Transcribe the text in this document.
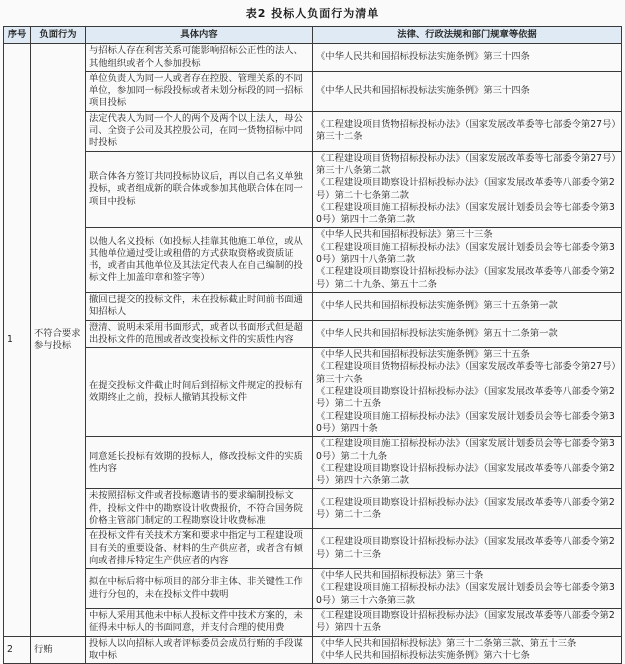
表2 投标人负面行为清单
序号	负面行为	具体内容	法律、行政法规和部门规章等依据
1	不符合要求参与投标	与招标人存在利害关系可能影响招标公正性的法人、其他组织或者个人参加投标	《中华人民共和国招标投标法实施条例》第三十四条

		单位负责人为同一人或者存在控股、管理关系的不同单位，参加同一标段投标或者未划分标段的同一招标项目投标	《中华人民共和国招标投标法实施条例》第三十四条

		法定代表人为同一个人的两个及两个以上法人，母公司、全资子公司及其控股公司，在同一货物招标中同时投标	《工程建设项目货物招标投标办法》（国家发展改革委等七部委令第27号）第三十二条

		联合体各方签订共同投标协议后，再以自己名义单独投标，或者组成新的联合体或参加其他联合体在同一项目中投标	《工程建设项目货物招标投标办法》（国家发展改革委等七部委令第27号）第三十八条第二款
《工程建设项目勘察设计招标投标办法》（国家发展改革委等八部委令第2号）第二十七条第二款
《工程建设项目施工招标投标办法》（国家发展计划委员会等七部委令第30号）第四十二条第二款

		以他人名义投标（如投标人挂靠其他施工单位，或从其他单位通过受让或租借的方式获取资格或资质证书，或者由其他单位及其法定代表人在自己编制的投标文件上加盖印章和签字等）	《中华人民共和国招标投标法》第三十三条
《工程建设项目施工招标投标办法》（国家发展计划委员会等七部委令第30号）第四十八条第二款
《工程建设项目勘察设计招标投标办法》（国家发展改革委等八部委令第2号）第二十九条、第五十二条

		撤回已提交的投标文件，未在投标截止时间前书面通知招标人	《中华人民共和国招标投标法实施条例》第三十五条第一款

		澄清、说明未采用书面形式，或者以书面形式但是超出投标文件的范围或者改变投标文件的实质性内容	《中华人民共和国招标投标法实施条例》第五十二条第一款

		在提交投标文件截止时间后到招标文件规定的投标有效期终止之前，投标人撤销其投标文件	《中华人民共和国招标投标法实施条例》第三十五条
《工程建设项目货物招标投标办法》（国家发展改革委等七部委令第27号）第三十六条
《工程建设项目勘察设计招标投标办法》（国家发展改革委等八部委令第2号）第二十五条
《工程建设项目施工招标投标办法》（国家发展计划委员会等七部委令第30号）第四十条

		同意延长投标有效期的投标人，修改投标文件的实质性内容	《工程建设项目施工招标投标办法》（国家发展计划委员会等七部委令第30号）第二十九条
《工程建设项目勘察设计招标投标办法》（国家发展改革委等八部委令第2号）第四十六条第二款

		未按照招标文件或者投标邀请书的要求编制投标文件，投标文件中的勘察设计收费报价，不符合国务院价格主管部门制定的工程勘察设计收费标准	《工程建设项目勘察设计招标投标办法》（国家发展改革委等八部委令第2号）第二十二条

		在投标文件有关技术方案和要求中指定与工程建设项目有关的重要设备、材料的生产供应者，或者含有倾向或者排斥特定生产供应者的内容	《工程建设项目勘察设计招标投标办法》（国家发展改革委等八部委令第2号）第二十三条

		拟在中标后将中标项目的部分非主体、非关键性工作进行分包的，未在投标文件中载明	《中华人民共和国招标投标法》第三十条
《工程建设项目施工招标投标办法》（国家发展计划委员会等七部委令第30号）第三十六条第三款

		中标人采用其他未中标人投标文件中技术方案的，未征得未中标人的书面同意，并支付合理的使用费	《工程建设项目勘察设计招标投标办法》（国家发展改革委等八部委令第2号）第四十五条

2	行贿	投标人以向招标人或者评标委员会成员行贿的手段谋取中标	《中华人民共和国招标投标法》第三十二条第三款、第五十三条
《中华人民共和国招标投标法实施条例》第六十七条
